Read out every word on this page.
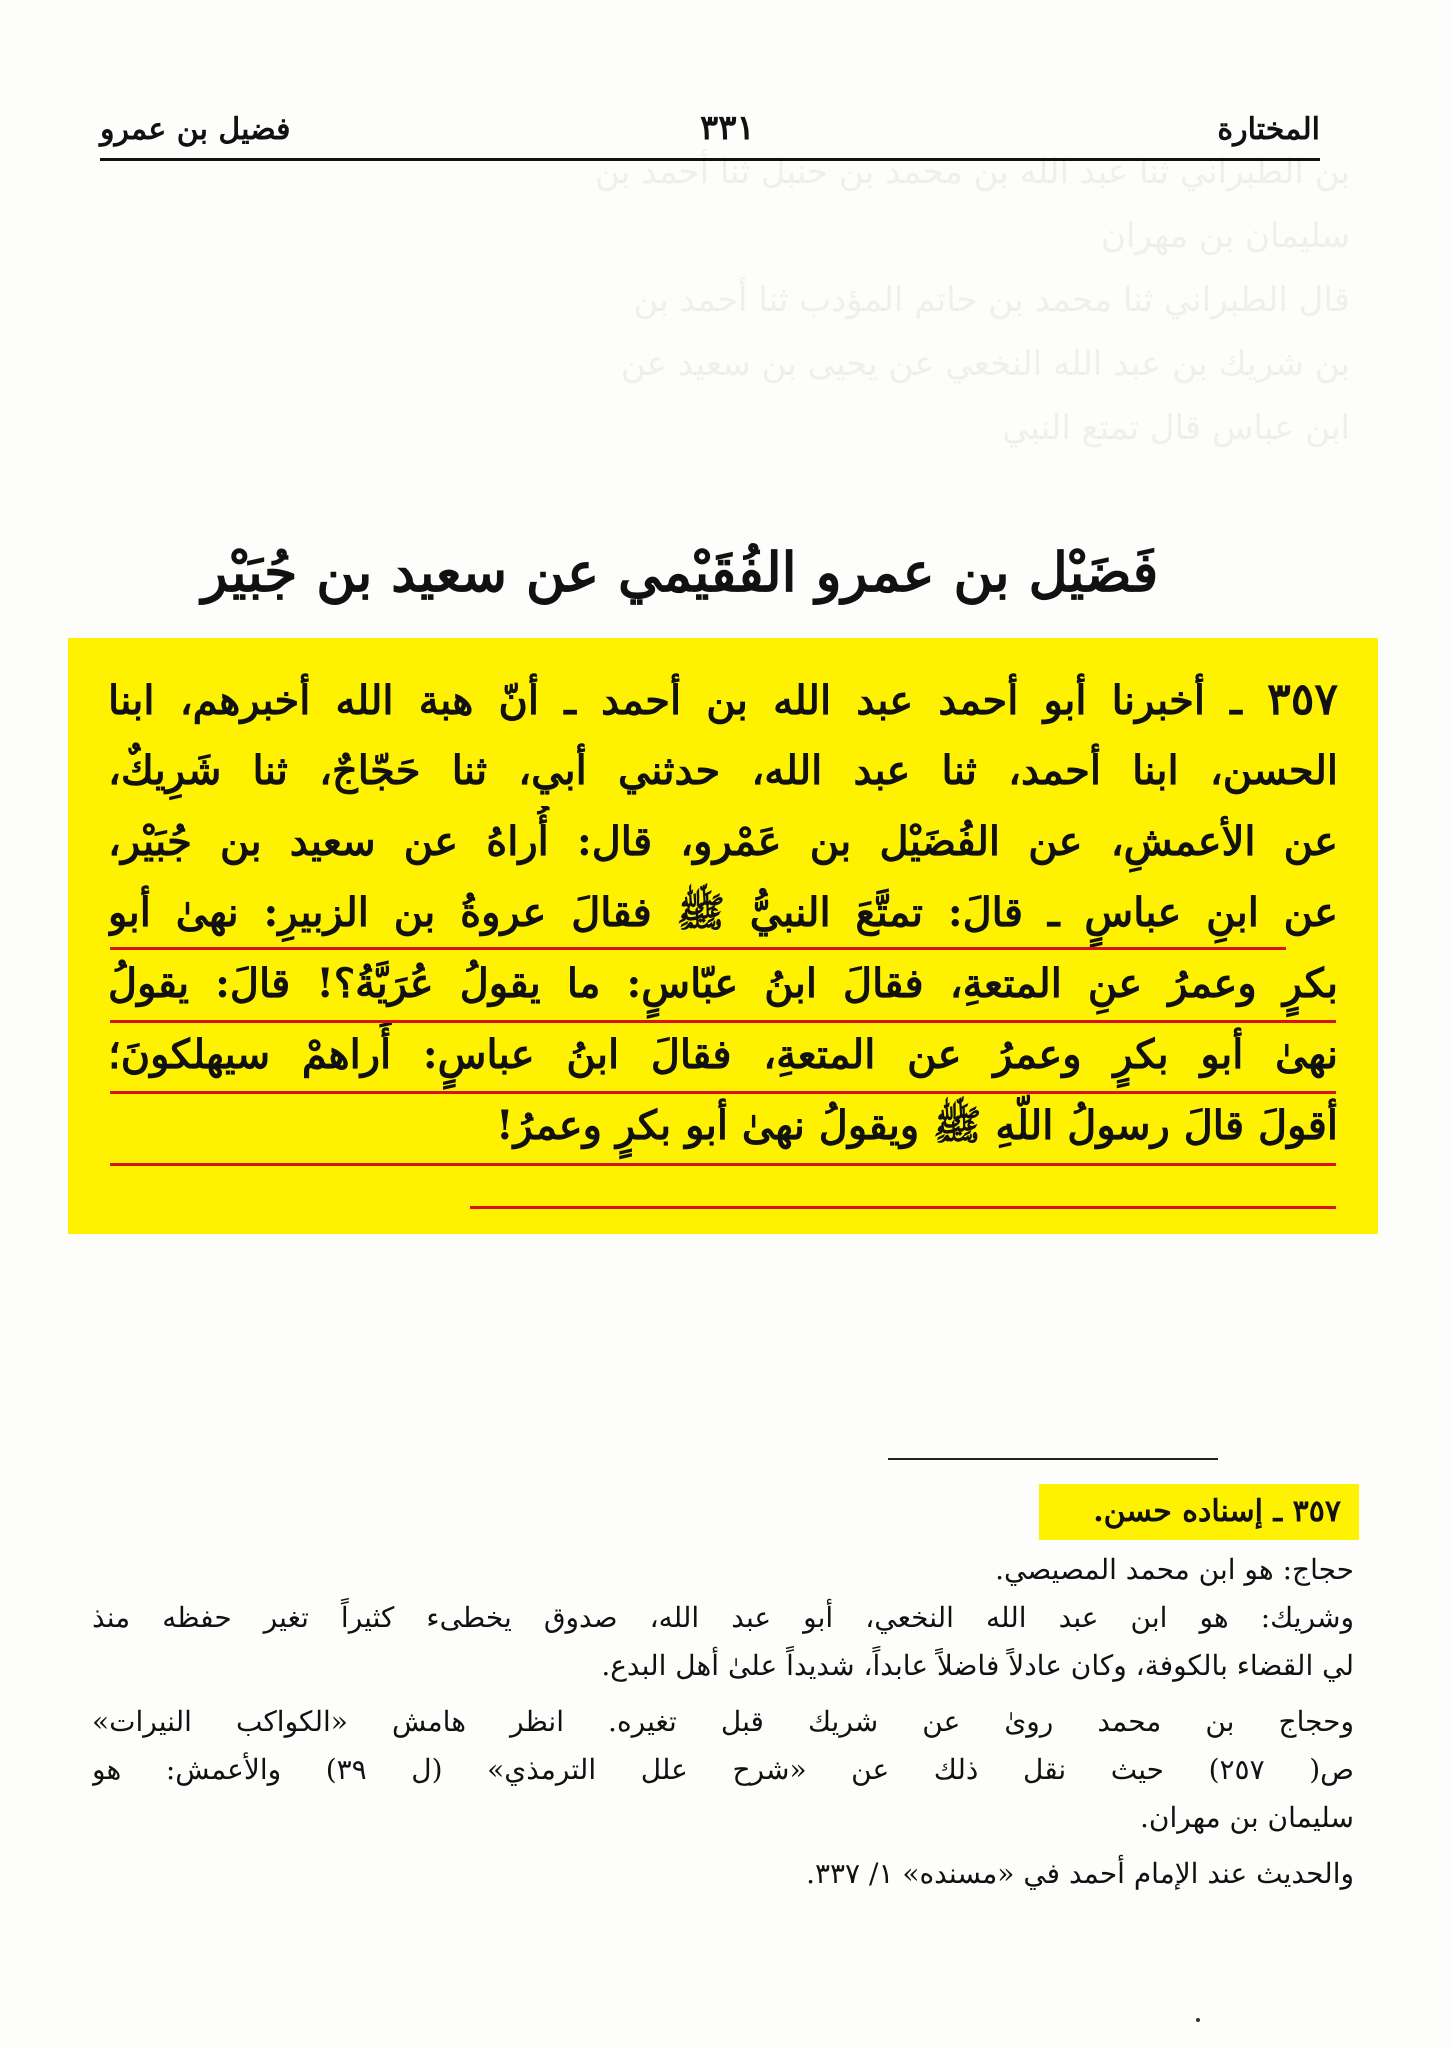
بن الطبراني ثنا عبد الله بن محمد بن حنبل ثنا أحمد بن
سليمان بن مهران
قال الطبراني ثنا محمد بن حاتم المؤدب ثنا أحمد بن
بن شريك بن عبد الله النخعي عن يحيى بن سعيد عن
ابن عباس قال تمتع النبي
المختارة
٣٣١
فضيل بن عمرو
فَضَيْل بن عمرو الفُقَيْمي عن سعيد بن جُبَيْر
٣٥٧ ـ أخبرنا أبو أحمد عبد الله بن أحمد ـ أنّ هبة الله أخبرهم، ابنا
الحسن، ابنا أحمد، ثنا عبد الله، حدثني أبي، ثنا حَجّاجٌ، ثنا شَرِيكٌ،
عن الأعمشِ، عن الفُضَيْل بن عَمْرو، قال: أُراهُ عن سعيد بن جُبَيْر،
عن ابنِ عباسٍ ـ قالَ: تمتَّعَ النبيُّ ﷺ فقالَ عروةُ بن الزبيرِ: نهىٰ أبو
بكرٍ وعمرُ عنِ المتعةِ، فقالَ ابنُ عبّاسٍ: ما يقولُ عُرَيَّةُ؟! قالَ: يقولُ
نهىٰ أبو بكرٍ وعمرُ عن المتعةِ، فقالَ ابنُ عباسٍ: أَراهمْ سيهلكونَ؛
أقولَ قالَ رسولُ اللّهِ ﷺ ويقولُ نهىٰ أبو بكرٍ وعمرُ!
٣٥٧ ـ إسناده حسن.
حجاج: هو ابن محمد المصيصي.
وشريك: هو ابن عبد الله النخعي، أبو عبد الله، صدوق يخطىء كثيراً تغير حفظه منذ
لي القضاء بالكوفة، وكان عادلاً فاضلاً عابداً، شديداً علىٰ أهل البدع.
وحجاج بن محمد روىٰ عن شريك قبل تغيره. انظر هامش «الكواكب النيرات»
ص( ٢٥٧) حيث نقل ذلك عن «شرح علل الترمذي» (ل ٣٩) والأعمش: هو
سليمان بن مهران.
والحديث عند الإمام أحمد في «مسنده» ١/ ٣٣٧.
